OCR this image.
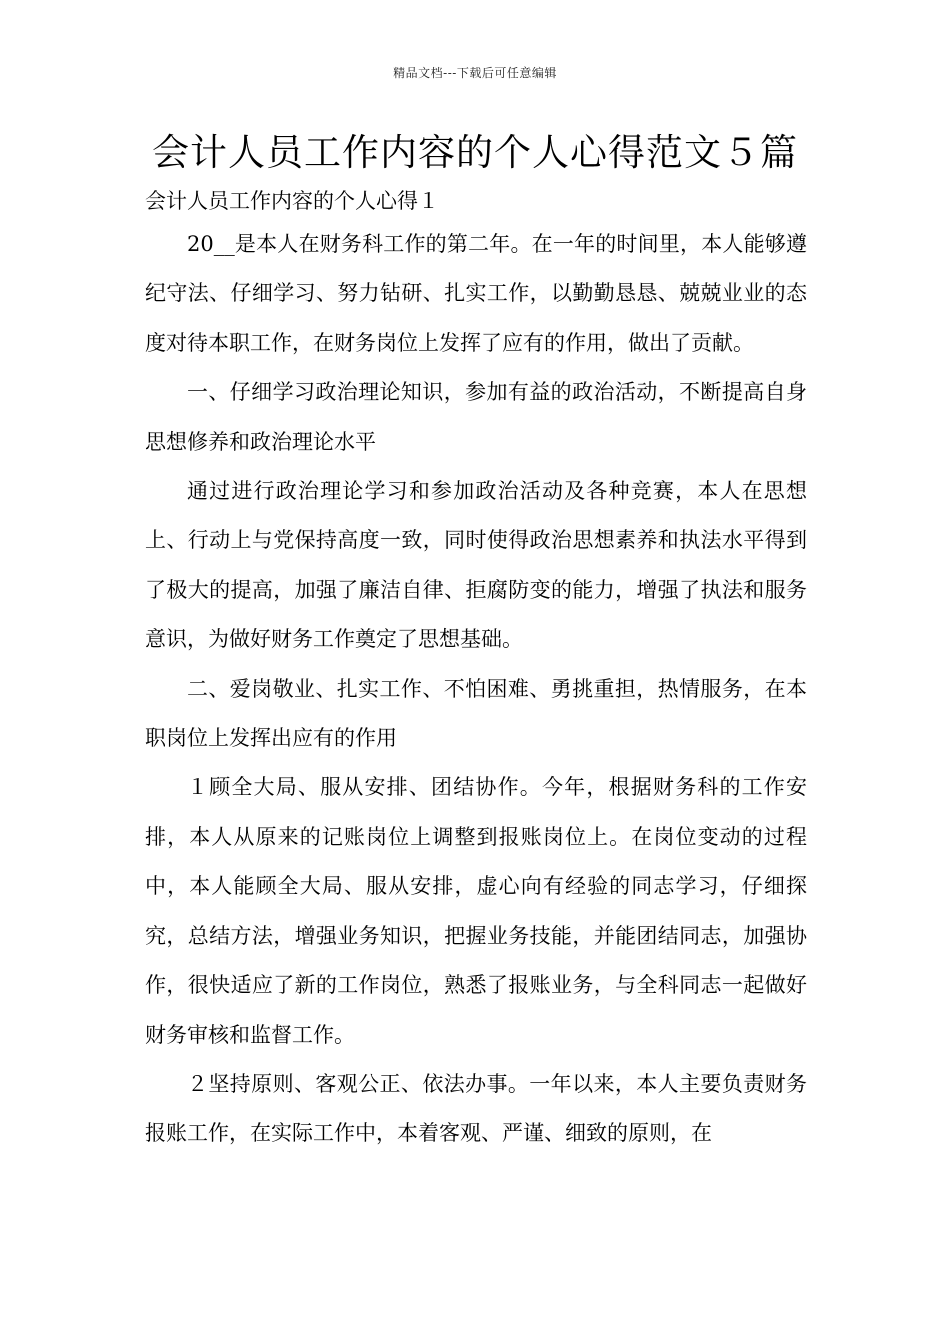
精品文档---下载后可任意编辑
会计人员工作内容的个人心得范文５篇

会计人员工作内容的个人心得１

20__是本人在财务科工作的第二年。在一年的时间里，本人能够遵纪守法、仔细学习、努力钻研、扎实工作，以勤勤恳恳、兢兢业业的态度对待本职工作，在财务岗位上发挥了应有的作用，做出了贡献。

一、仔细学习政治理论知识，参加有益的政治活动，不断提高自身思想修养和政治理论水平

通过进行政治理论学习和参加政治活动及各种竞赛，本人在思想上、行动上与党保持高度一致，同时使得政治思想素养和执法水平得到了极大的提高，加强了廉洁自律、拒腐防变的能力，增强了执法和服务意识，为做好财务工作奠定了思想基础。

二、爱岗敬业、扎实工作、不怕困难、勇挑重担，热情服务，在本职岗位上发挥出应有的作用

１顾全大局、服从安排、团结协作。今年，根据财务科的工作安排，本人从原来的记账岗位上调整到报账岗位上。在岗位变动的过程中，本人能顾全大局、服从安排，虚心向有经验的同志学习，仔细探究，总结方法，增强业务知识，把握业务技能，并能团结同志，加强协作，很快适应了新的工作岗位，熟悉了报账业务，与全科同志一起做好财务审核和监督工作。

２坚持原则、客观公正、依法办事。一年以来，本人主要负责财务报账工作，在实际工作中，本着客观、严谨、细致的原则，在
